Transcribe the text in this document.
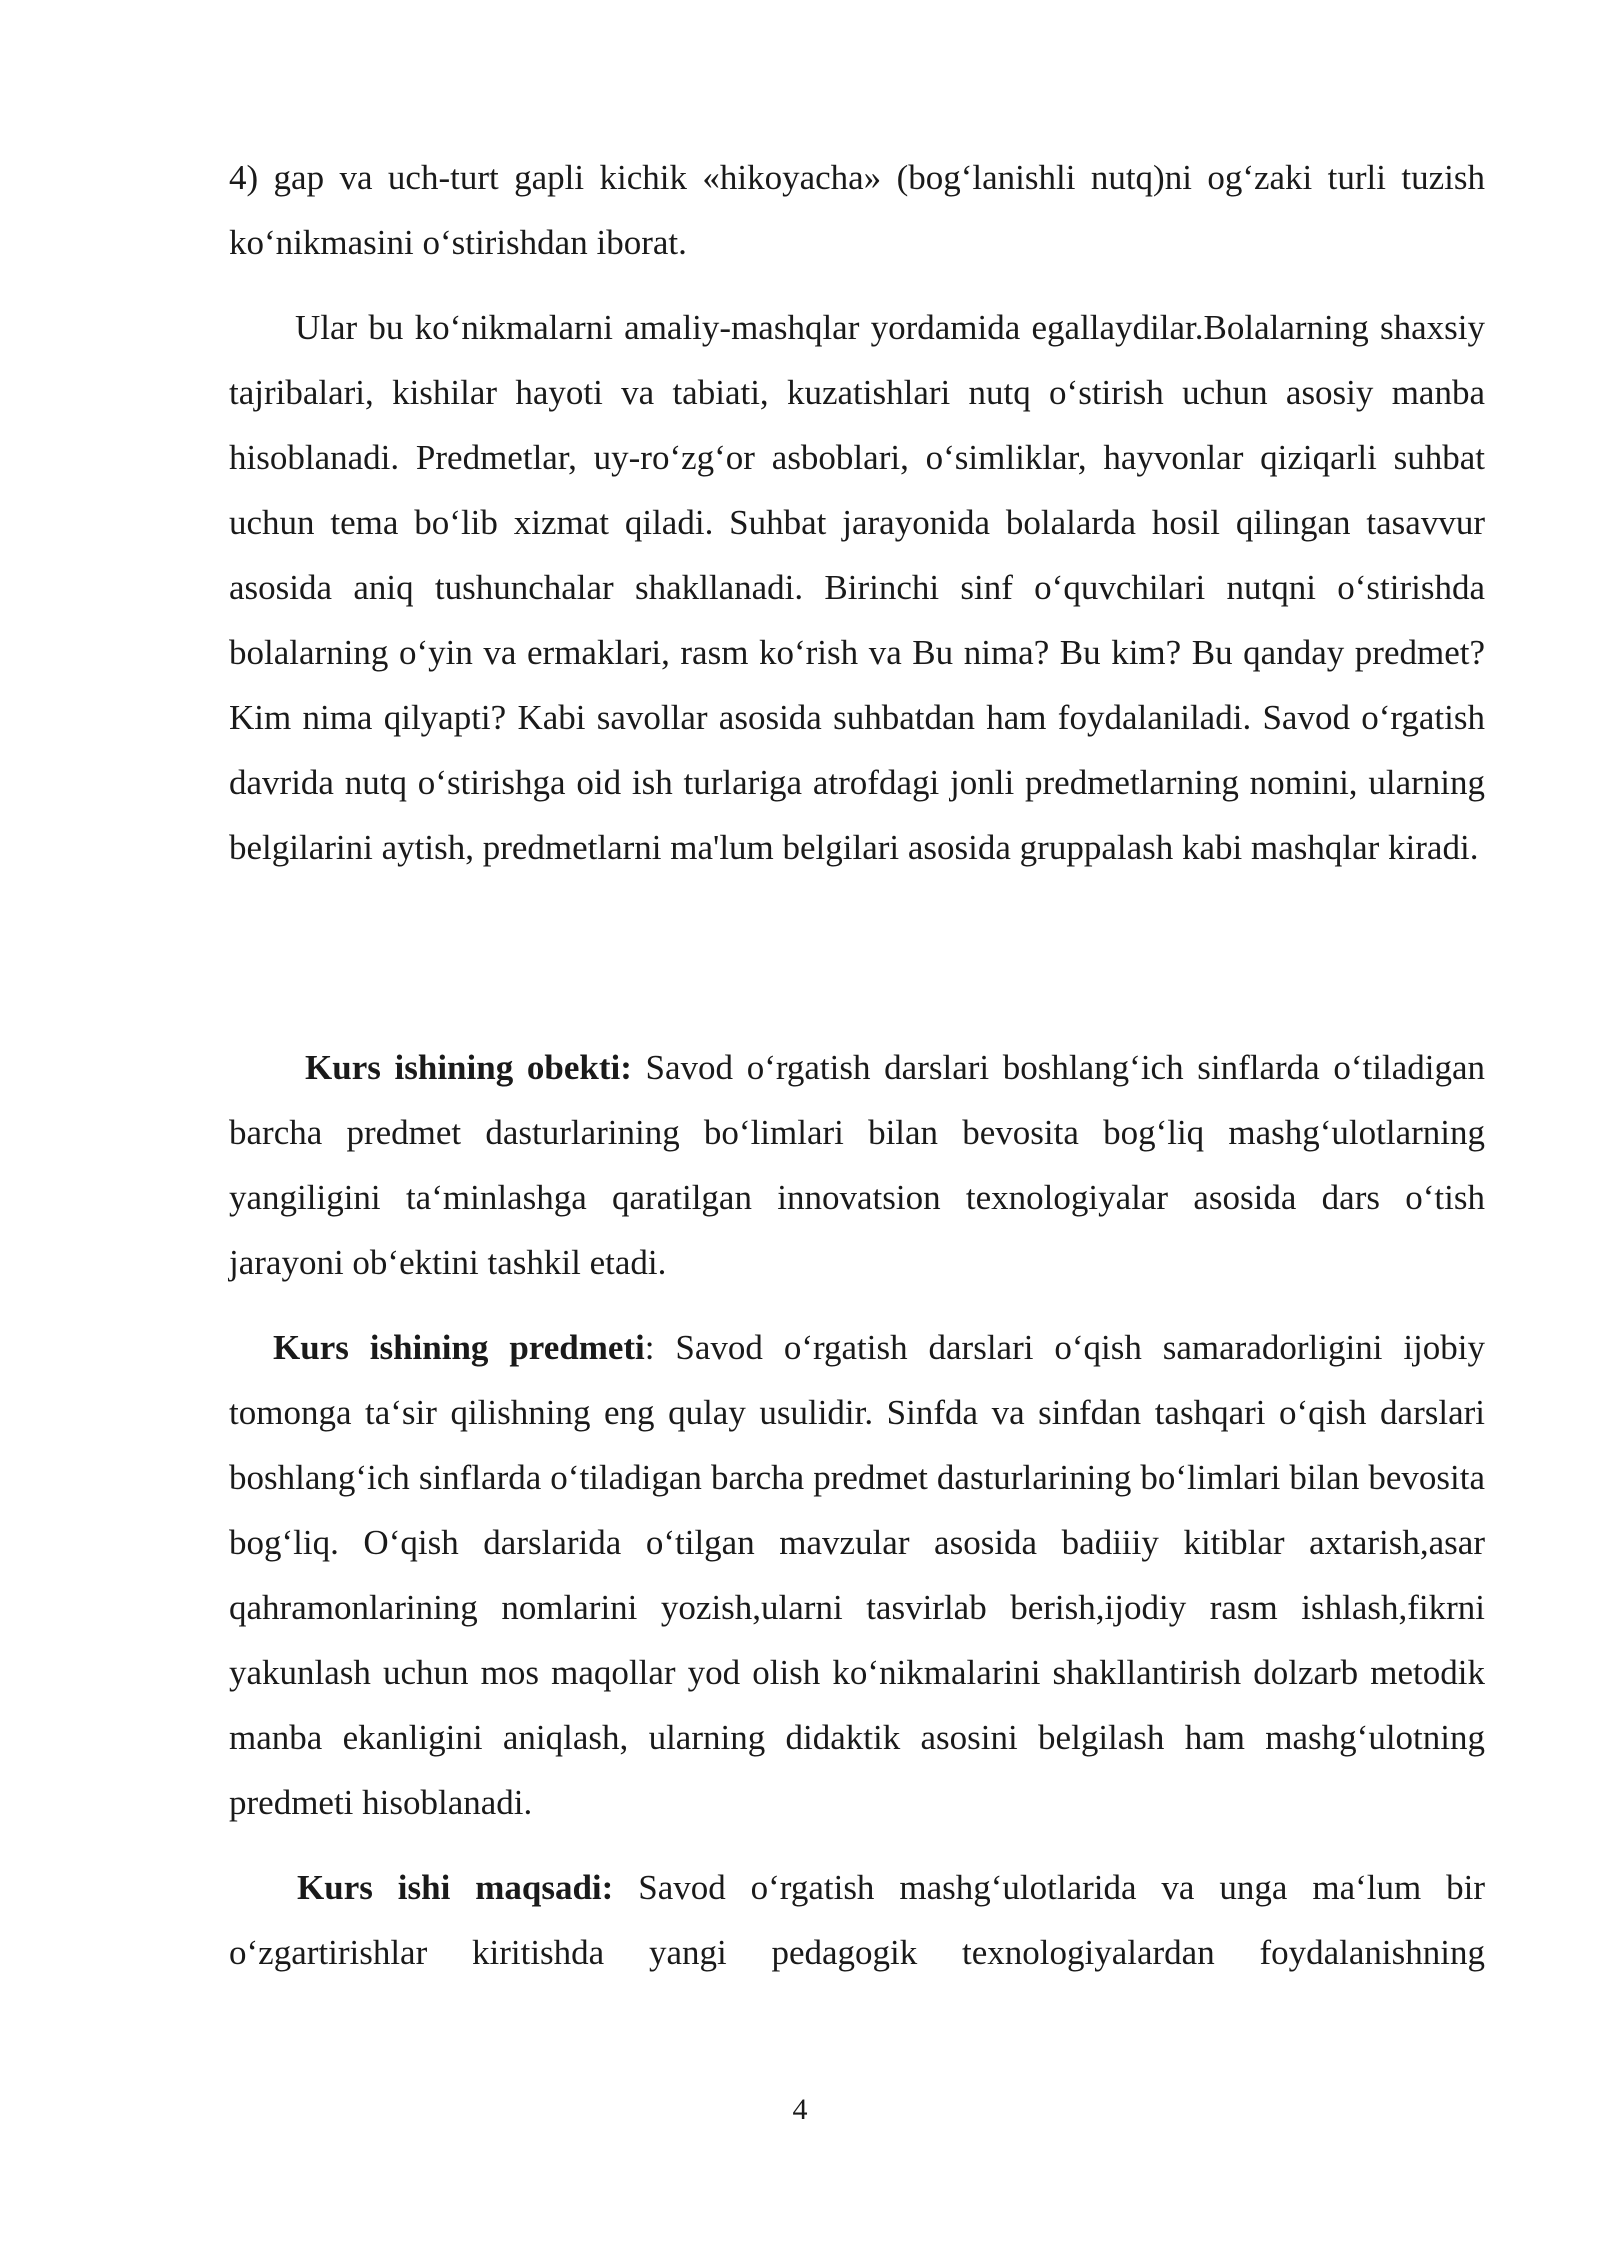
4) gap va uch-turt gapli kichik «hikoyacha» (bog‘lanishli nutq)ni og‘zaki turli tuzish ko‘nikmasini o‘stirishdan iborat.

Ular bu ko‘nikmalarni amaliy-mashqlar yordamida egallaydilar.Bolalarning shaxsiy tajribalari, kishilar hayoti va tabiati, kuzatishlari nutq o‘stirish uchun asosiy manba hisoblanadi. Predmetlar, uy-ro‘zg‘or asboblari, o‘simliklar, hayvonlar qiziqarli suhbat uchun tema bo‘lib xizmat qiladi. Suhbat jarayonida bolalarda hosil qilingan tasavvur asosida aniq tushunchalar shakllanadi. Birinchi sinf o‘quvchilari nutqni o‘stirishda bolalarning o‘yin va ermaklari, rasm ko‘rish va Bu nima? Bu kim? Bu qanday predmet? Kim nima qilyapti? Kabi savollar asosida suhbatdan ham foydalaniladi. Savod o‘rgatish davrida nutq o‘stirishga oid ish turlariga atrofdagi jonli predmetlarning nomini, ularning belgilarini aytish, predmetlarni ma'lum belgilari asosida gruppalash kabi mashqlar kiradi.

Kurs ishining obekti: Savod o‘rgatish darslari boshlang‘ich sinflarda o‘tiladigan barcha predmet dasturlarining bo‘limlari bilan bevosita bog‘liq mashg‘ulotlarning yangiligini ta‘minlashga qaratilgan innovatsion texnologiyalar asosida dars o‘tish jarayoni ob‘ektini tashkil etadi.

Kurs ishining predmeti: Savod o‘rgatish darslari o‘qish samaradorligini ijobiy tomonga ta‘sir qilishning eng qulay usulidir. Sinfda va sinfdan tashqari o‘qish darslari boshlang‘ich sinflarda o‘tiladigan barcha predmet dasturlarining bo‘limlari bilan bevosita bog‘liq. O‘qish darslarida o‘tilgan mavzular asosida badiiiy kitiblar axtarish,asar qahramonlarining nomlarini yozish,ularni tasvirlab berish,ijodiy rasm ishlash,fikrni yakunlash uchun mos maqollar yod olish ko‘nikmalarini shakllantirish dolzarb metodik manba ekanligini aniqlash, ularning didaktik asosini belgilash ham mashg‘ulotning predmeti hisoblanadi.

Kurs ishi maqsadi: Savod o‘rgatish mashg‘ulotlarida va unga ma‘lum bir o‘zgartirishlar kiritishda yangi pedagogik texnologiyalardan foydalanishning

4
